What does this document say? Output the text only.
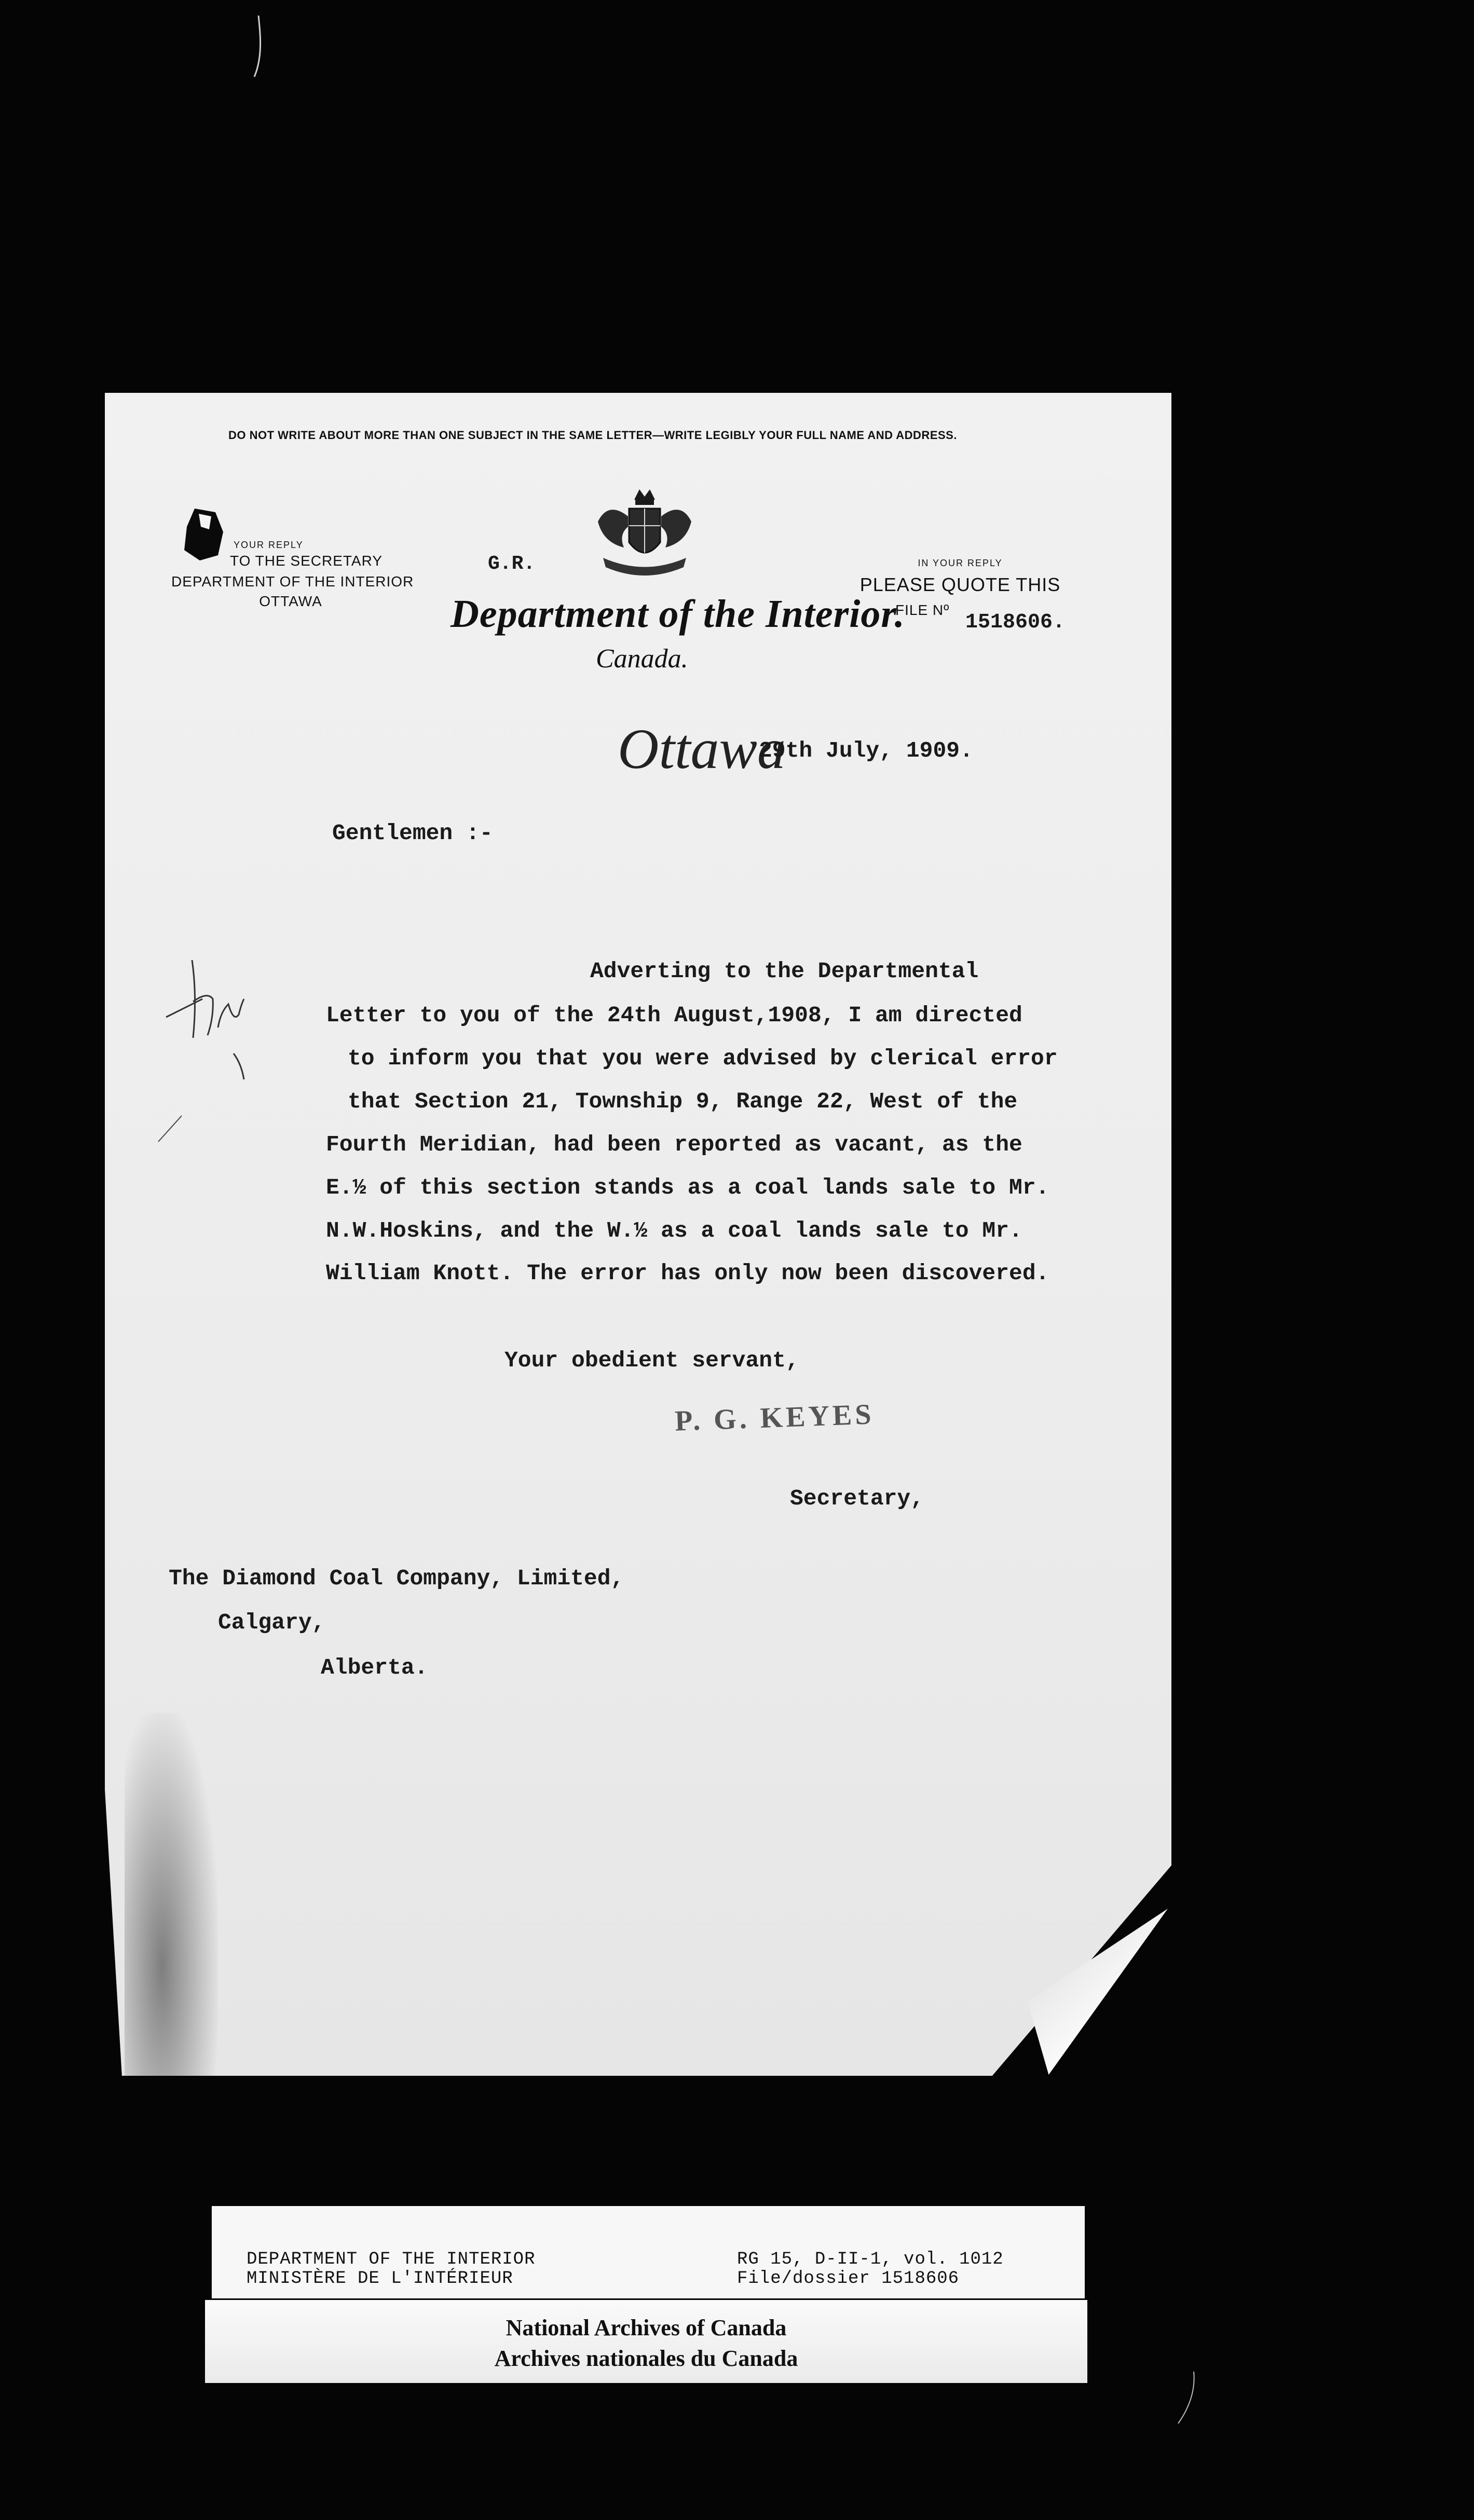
DO NOT WRITE ABOUT MORE THAN ONE SUBJECT IN THE SAME LETTER—WRITE LEGIBLY YOUR FULL NAME AND ADDRESS.
YOUR REPLY
TO THE SECRETARY
DEPARTMENT OF THE INTERIOR
OTTAWA
G.R.
Department of the Interior.
Canada.
IN YOUR REPLY
PLEASE QUOTE THIS
FILE Nº
1518606.
Ottawa
29th July, 1909.
Gentlemen :-
Adverting to the Departmental
Letter to you of the 24th August,1908, I am directed
to inform you that you were advised by clerical error
that Section 21, Township 9, Range 22, West of the
Fourth Meridian, had been reported as vacant, as the
E.½ of this section stands as a coal lands sale to Mr.
N.W.Hoskins, and the W.½ as a coal lands sale to Mr.
William Knott. The error has only now been discovered.
Your obedient servant,
P. G. KEYES
Secretary,
The Diamond Coal Company, Limited,
Calgary,
Alberta.
DEPARTMENT OF THE INTERIOR
MINISTÈRE DE L'INTÉRIEUR
RG 15, D-II-1, vol. 1012
File/dossier 1518606
National Archives of Canada
Archives nationales du Canada
